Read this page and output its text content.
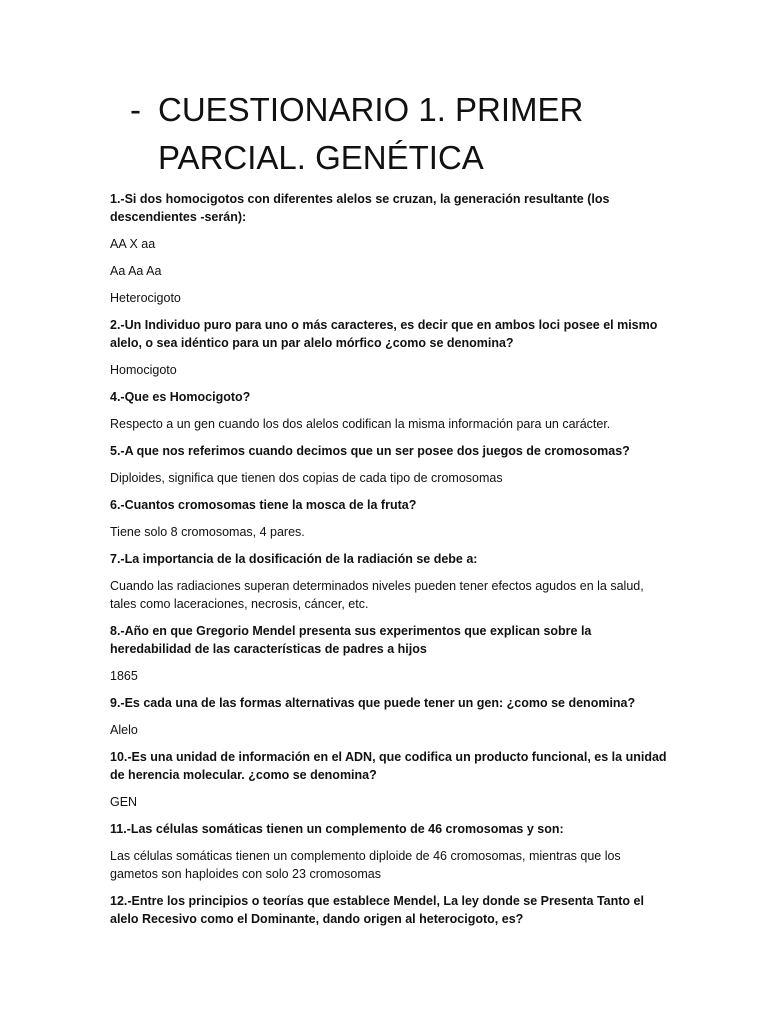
- CUESTIONARIO 1. PRIMER
PARCIAL. GENÉTICA

1.-Si dos homocigotos con diferentes alelos se cruzan, la generación resultante (los descendientes -serán):

AA X aa

Aa Aa Aa

Heterocigoto

2.-Un Individuo puro para uno o más caracteres, es decir que en ambos loci posee el mismo alelo, o sea idéntico para un par alelo mórfico ¿como se denomina?

Homocigoto

4.-Que es Homocigoto?

Respecto a un gen cuando los dos alelos codifican la misma información para un carácter.

5.-A que nos referimos cuando decimos que un ser posee dos juegos de cromosomas?

Diploides, significa que tienen dos copias de cada tipo de cromosomas

6.-Cuantos cromosomas tiene la mosca de la fruta?

Tiene solo 8 cromosomas, 4 pares.

7.-La importancia de la dosificación de la radiación se debe a:

Cuando las radiaciones superan determinados niveles pueden tener efectos agudos en la salud, tales como laceraciones, necrosis, cáncer, etc.

8.-Año en que Gregorio Mendel presenta sus experimentos que explican sobre la heredabilidad de las características de padres a hijos

1865

9.-Es cada una de las formas alternativas que puede tener un gen: ¿como se denomina?

Alelo

10.-Es una unidad de información en el ADN, que codifica un producto funcional, es la unidad de herencia molecular. ¿como se denomina?

GEN

11.-Las células somáticas tienen un complemento de 46 cromosomas y son:

Las células somáticas tienen un complemento diploide de 46 cromosomas, mientras que los gametos son haploides con solo 23 cromosomas

12.-Entre los principios o teorías que establece Mendel, La ley donde se Presenta Tanto el alelo Recesivo como el Dominante, dando origen al heterocigoto, es?
